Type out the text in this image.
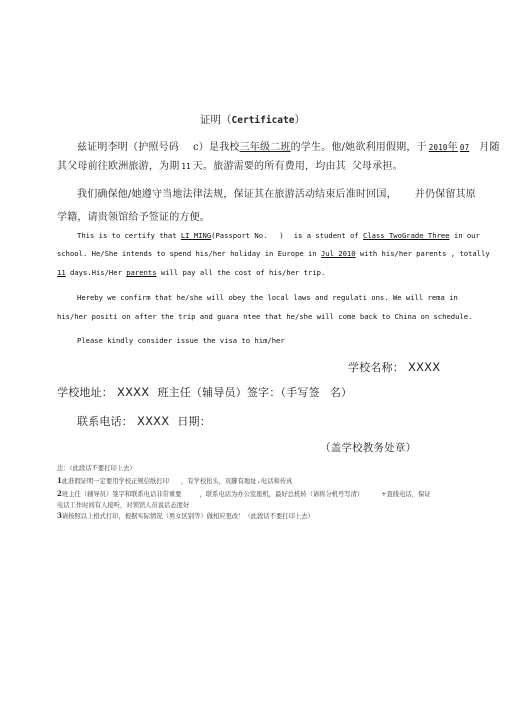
证明（Certificate）
兹证明李明（护照号码 c）是我校三年级二班的学生。他/她欲利用假期，于 2010年 07 月随
其父母前往欧洲旅游，为期 11 天。旅游需要的所有费用，均由其 父母承担。
我们确保他/她遵守当地法律法规，保证其在旅游活动结束后准时回国， 并仍保留其原
学籍，请贵领馆给予签证的方便。
This is to certify that LI MING(Passport No. ) is a student of Class TwoGrade Three in our
school. He/She intends to spend his/her holiday in Europe in Jul 2010 with his/her parents , totally
11 days.His/Her parents will pay all the cost of his/her trip.
Hereby we confirm that he/she will obey the local laws and regulati ons. We will rema in
his/her positi on after the trip and guara ntee that he/she will come back to China on schedule.
Please kindly consider issue the visa to him/her
学校名称： XXXX
学校地址： XXXX 班主任（辅导员）签字：（手写签 名）
联系电话： XXXX 日期：
（盖学校教务处章）
注：（此段话不要打印上去）
1此准假证明一定要用学校正规信纸打印 ，有学校抬头，页脚有地址.电话和传真
2班主任（辅导员）签字和联系电话非常重要	，联系电话为办公室座机，最好总机转（请将分机号写清）	+直线电话，保证
电话工作时间有人接听，对领馆人员说话态度好
3请按照以上格式打印，根据实际情况（男女区别等）做相应更改！（此段话不要打印上去）
